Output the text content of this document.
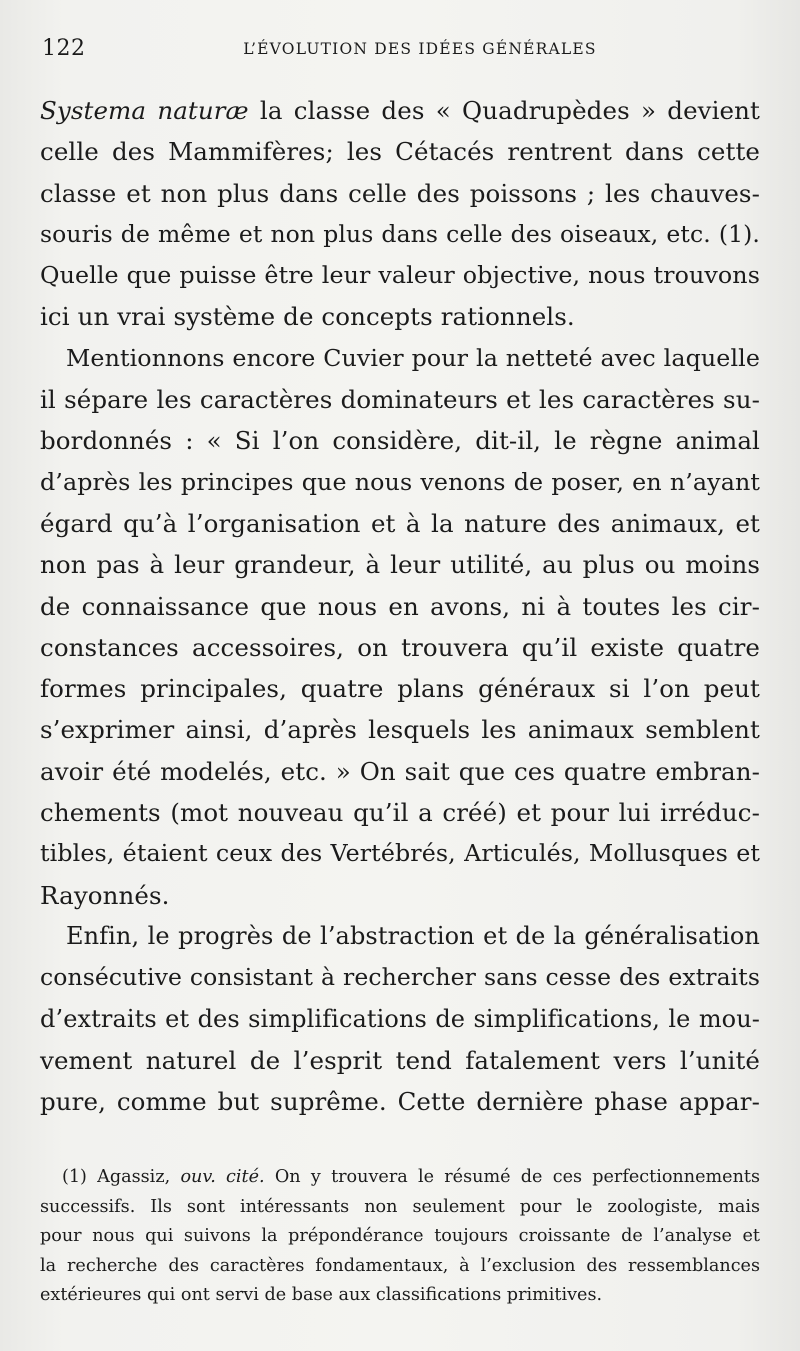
122	L’ÉVOLUTION DES IDÉES GÉNÉRALES
Systema naturæ la classe des « Quadrupèdes » devient
celle des Mammifères; les Cétacés rentrent dans cette
classe et non plus dans celle des poissons ; les chauves-
souris de même et non plus dans celle des oiseaux, etc. (1).
Quelle que puisse être leur valeur objective, nous trouvons
ici un vrai système de concepts rationnels.
Mentionnons encore Cuvier pour la netteté avec laquelle
il sépare les caractères dominateurs et les caractères su-
bordonnés : « Si l’on considère, dit-il, le règne animal
d’après les principes que nous venons de poser, en n’ayant
égard qu’à l’organisation et à la nature des animaux, et
non pas à leur grandeur, à leur utilité, au plus ou moins
de connaissance que nous en avons, ni à toutes les cir-
constances accessoires, on trouvera qu’il existe quatre
formes principales, quatre plans généraux si l’on peut
s’exprimer ainsi, d’après lesquels les animaux semblent
avoir été modelés, etc. » On sait que ces quatre embran-
chements (mot nouveau qu’il a créé) et pour lui irréduc-
tibles, étaient ceux des Vertébrés, Articulés, Mollusques et
Rayonnés.
Enfin, le progrès de l’abstraction et de la généralisation
consécutive consistant à rechercher sans cesse des extraits
d’extraits et des simplifications de simplifications, le mou-
vement naturel de l’esprit tend fatalement vers l’unité
pure, comme but suprême. Cette dernière phase appar-
(1) Agassiz, ouv. cité. On y trouvera le résumé de ces perfectionnements
successifs. Ils sont intéressants non seulement pour le zoologiste, mais
pour nous qui suivons la prépondérance toujours croissante de l’analyse et
la recherche des caractères fondamentaux, à l’exclusion des ressemblances
extérieures qui ont servi de base aux classifications primitives.
